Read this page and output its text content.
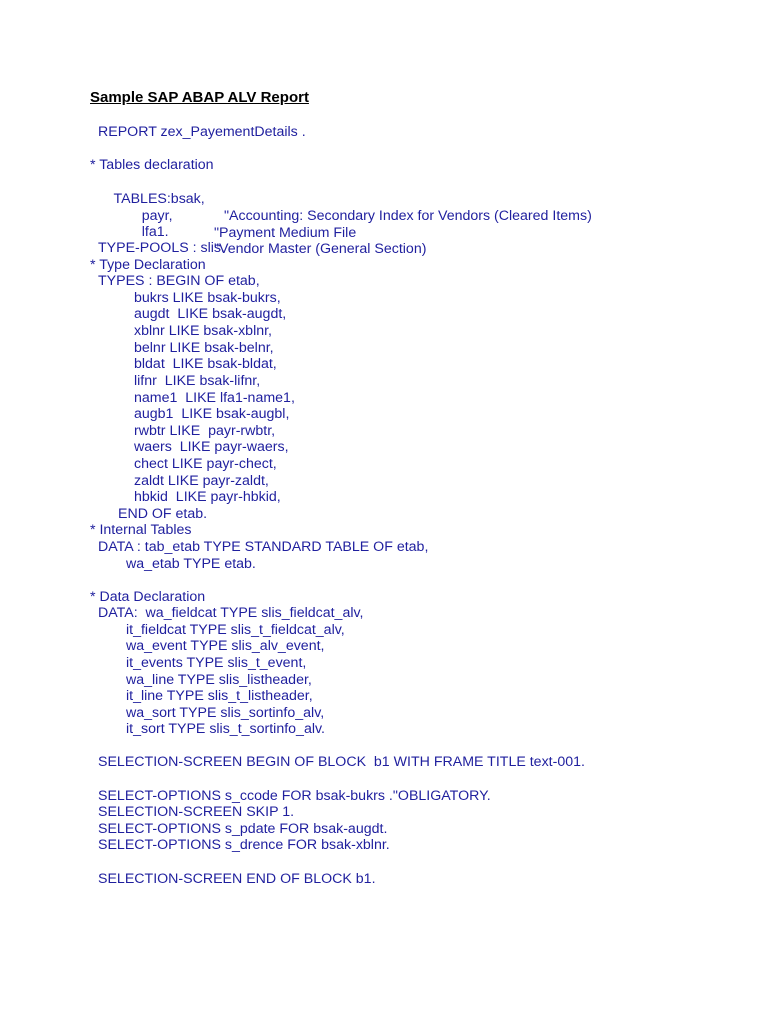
Sample SAP ABAP ALV Report
REPORT zex_PayementDetails .
* Tables declaration

TABLES:bsak,

"Accounting: Secondary Index for Vendors (Cleared Items)

payr,

"Payment Medium File

lfa1.

"Vendor Master (General Section)

TYPE-POOLS : slis.
* Type Declaration
TYPES : BEGIN OF etab,
bukrs LIKE bsak-bukrs,
augdt  LIKE bsak-augdt,
xblnr LIKE bsak-xblnr,
belnr LIKE bsak-belnr,
bldat  LIKE bsak-bldat,
lifnr  LIKE bsak-lifnr,
name1  LIKE lfa1-name1,
augb1  LIKE bsak-augbl,
rwbtr LIKE  payr-rwbtr,
waers  LIKE payr-waers,
chect LIKE payr-chect,
zaldt LIKE payr-zaldt,
hbkid  LIKE payr-hbkid,
END OF etab.
* Internal Tables
DATA : tab_etab TYPE STANDARD TABLE OF etab,
wa_etab TYPE etab.
* Data Declaration
DATA:  wa_fieldcat TYPE slis_fieldcat_alv,
it_fieldcat TYPE slis_t_fieldcat_alv,
wa_event TYPE slis_alv_event,
it_events TYPE slis_t_event,
wa_line TYPE slis_listheader,
it_line TYPE slis_t_listheader,
wa_sort TYPE slis_sortinfo_alv,
it_sort TYPE slis_t_sortinfo_alv.
SELECTION-SCREEN BEGIN OF BLOCK  b1 WITH FRAME TITLE text-001.
SELECT-OPTIONS s_ccode FOR bsak-bukrs ."OBLIGATORY.
SELECTION-SCREEN SKIP 1.
SELECT-OPTIONS s_pdate FOR bsak-augdt.
SELECT-OPTIONS s_drence FOR bsak-xblnr.
SELECTION-SCREEN END OF BLOCK b1.
